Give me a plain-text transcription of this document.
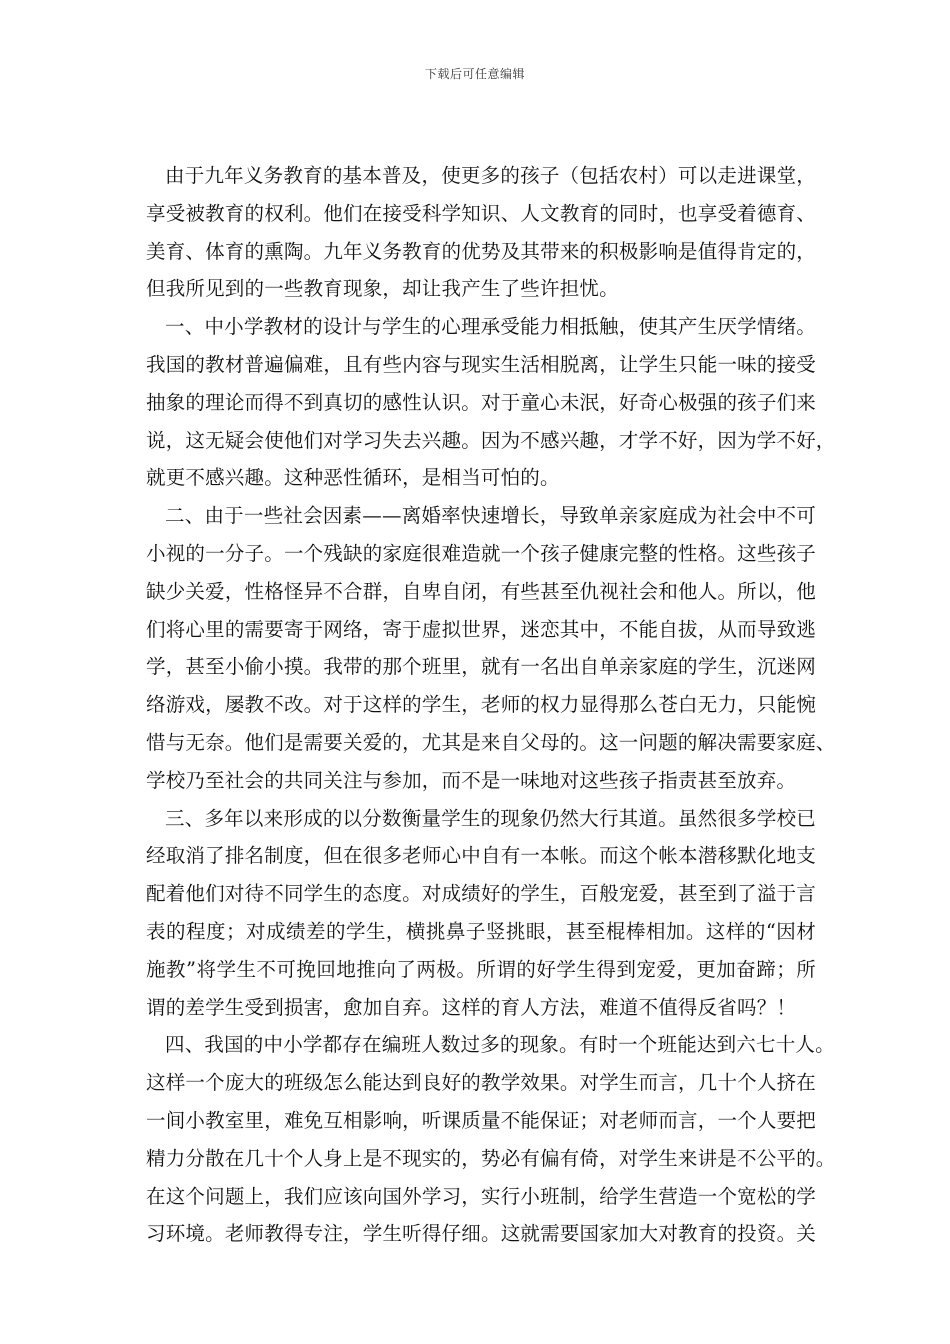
下载后可任意编辑
由于九年义务教育的基本普及，使更多的孩子（包括农村）可以走进课堂，
享受被教育的权利。他们在接受科学知识、人文教育的同时，也享受着德育、
美育、体育的熏陶。九年义务教育的优势及其带来的积极影响是值得肯定的，
但我所见到的一些教育现象，却让我产生了些许担忧。
一、中小学教材的设计与学生的心理承受能力相抵触，使其产生厌学情绪。
我国的教材普遍偏难，且有些内容与现实生活相脱离，让学生只能一味的接受
抽象的理论而得不到真切的感性认识。对于童心未泯，好奇心极强的孩子们来
说，这无疑会使他们对学习失去兴趣。因为不感兴趣，才学不好，因为学不好，
就更不感兴趣。这种恶性循环，是相当可怕的。
二、由于一些社会因素——离婚率快速增长，导致单亲家庭成为社会中不可
小视的一分子。一个残缺的家庭很难造就一个孩子健康完整的性格。这些孩子
缺少关爱，性格怪异不合群，自卑自闭，有些甚至仇视社会和他人。所以，他
们将心里的需要寄于网络，寄于虚拟世界，迷恋其中，不能自拔，从而导致逃
学，甚至小偷小摸。我带的那个班里，就有一名出自单亲家庭的学生，沉迷网
络游戏，屡教不改。对于这样的学生，老师的权力显得那么苍白无力，只能惋
惜与无奈。他们是需要关爱的，尤其是来自父母的。这一问题的解决需要家庭、
学校乃至社会的共同关注与参加，而不是一味地对这些孩子指责甚至放弃。
三、多年以来形成的以分数衡量学生的现象仍然大行其道。虽然很多学校已
经取消了排名制度，但在很多老师心中自有一本帐。而这个帐本潜移默化地支
配着他们对待不同学生的态度。对成绩好的学生，百般宠爱，甚至到了溢于言
表的程度；对成绩差的学生，横挑鼻子竖挑眼，甚至棍棒相加。这样的“因材
施教”将学生不可挽回地推向了两极。所谓的好学生得到宠爱，更加奋蹄；所
谓的差学生受到损害，愈加自弃。这样的育人方法，难道不值得反省吗？！
四、我国的中小学都存在编班人数过多的现象。有时一个班能达到六七十人。
这样一个庞大的班级怎么能达到良好的教学效果。对学生而言，几十个人挤在
一间小教室里，难免互相影响，听课质量不能保证；对老师而言，一个人要把
精力分散在几十个人身上是不现实的，势必有偏有倚，对学生来讲是不公平的。
在这个问题上，我们应该向国外学习，实行小班制，给学生营造一个宽松的学
习环境。老师教得专注，学生听得仔细。这就需要国家加大对教育的投资。关
